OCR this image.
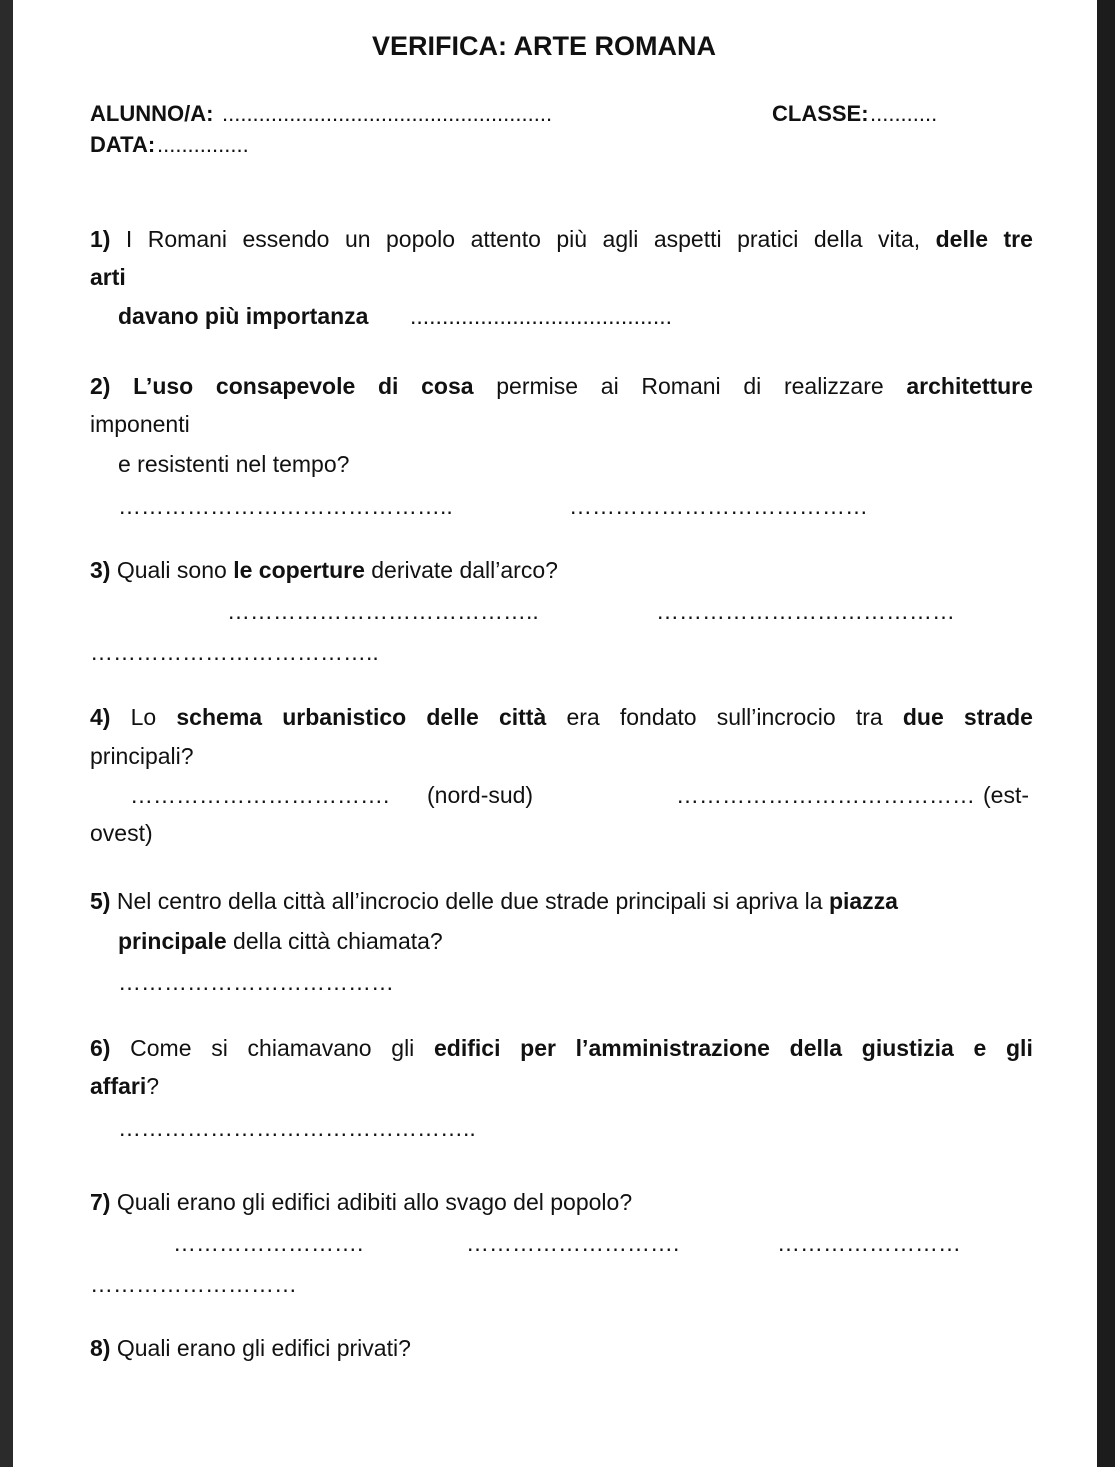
VERIFICA: ARTE ROMANA
ALUNNO/A: ......................................................	CLASSE: ...........
DATA: ...............
1) I Romani essendo un popolo attento più agli aspetti pratici della vita, delle tre
arti
davano più importanza .........................................
2) L’uso consapevole di cosa permise ai Romani di realizzare architetture
imponenti
e resistenti nel tempo?
……………………………………..	…………………………………
3) Quali sono le coperture derivate dall’arco?
…………………………………..	…………………………………
………………………………..
4) Lo schema urbanistico delle città era fondato sull’incrocio tra due strade
principali?
……………………………. (nord-sud)	………………………………… (est-
ovest)
5) Nel centro della città all’incrocio delle due strade principali si apriva la piazza
principale della città chiamata?
………………………………
6) Come si chiamavano gli edifici per l’amministrazione della giustizia e gli
affari?
………………………………………..
7) Quali erano gli edifici adibiti allo svago del popolo?
…………………….	……………………….	……………………
………………………
8) Quali erano gli edifici privati?
